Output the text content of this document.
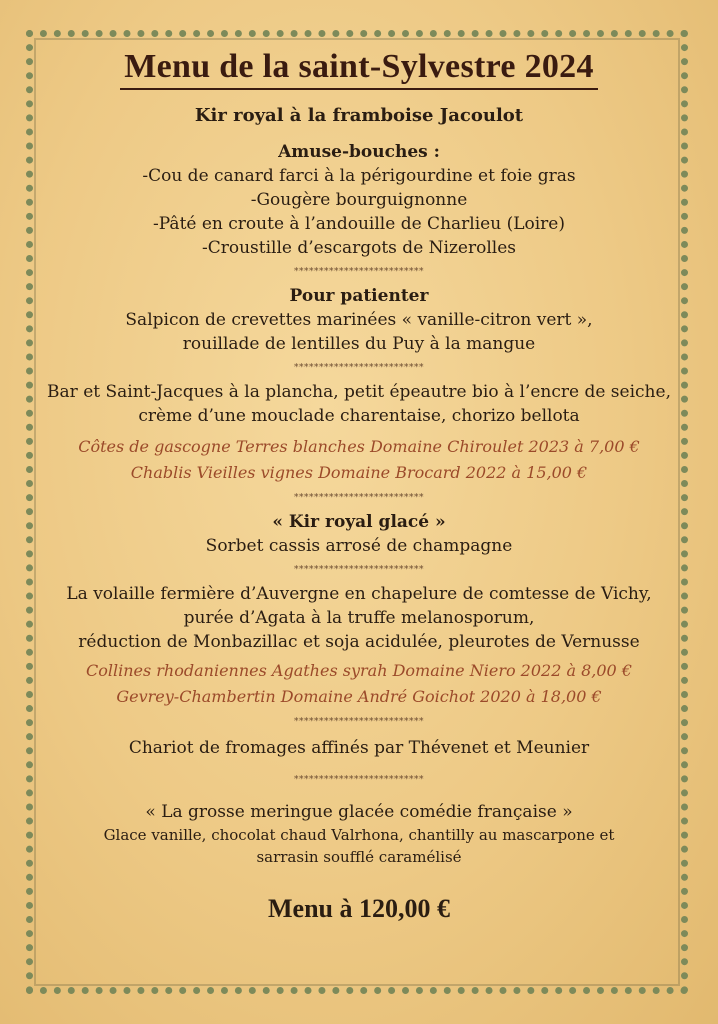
Menu de la saint-Sylvestre 2024

Kir royal à la framboise Jacoulot

Amuse-bouches :

-Cou de canard farci à la périgourdine et foie gras

-Gougère bourguignonne

-Pâté en croute à l’andouille de Charlieu (Loire)

-Croustille d’escargots de Nizerolles

**************************

Pour patienter

Salpicon de crevettes marinées « vanille-citron vert »,

rouillade de lentilles du Puy à la mangue

**************************

Bar et Saint-Jacques à la plancha, petit épeautre bio à l’encre de seiche,

crème d’une mouclade charentaise, chorizo bellota

Côtes de gascogne Terres blanches Domaine Chiroulet 2023 à 7,00 €

Chablis Vieilles vignes Domaine Brocard 2022 à 15,00 €

**************************

« Kir royal glacé »

Sorbet cassis arrosé de champagne

**************************

La volaille fermière d’Auvergne en chapelure de comtesse de Vichy,

purée d’Agata à la truffe melanosporum,

réduction de Monbazillac et soja acidulée, pleurotes de Vernusse

Collines rhodaniennes Agathes syrah Domaine Niero 2022 à 8,00 €

Gevrey-Chambertin Domaine André Goichot 2020 à 18,00 €

**************************

Chariot de fromages affinés par Thévenet et Meunier

**************************

« La grosse meringue glacée comédie française »

Glace vanille, chocolat chaud Valrhona, chantilly au mascarpone et

sarrasin soufflé caramélisé

Menu à 120,00 €
